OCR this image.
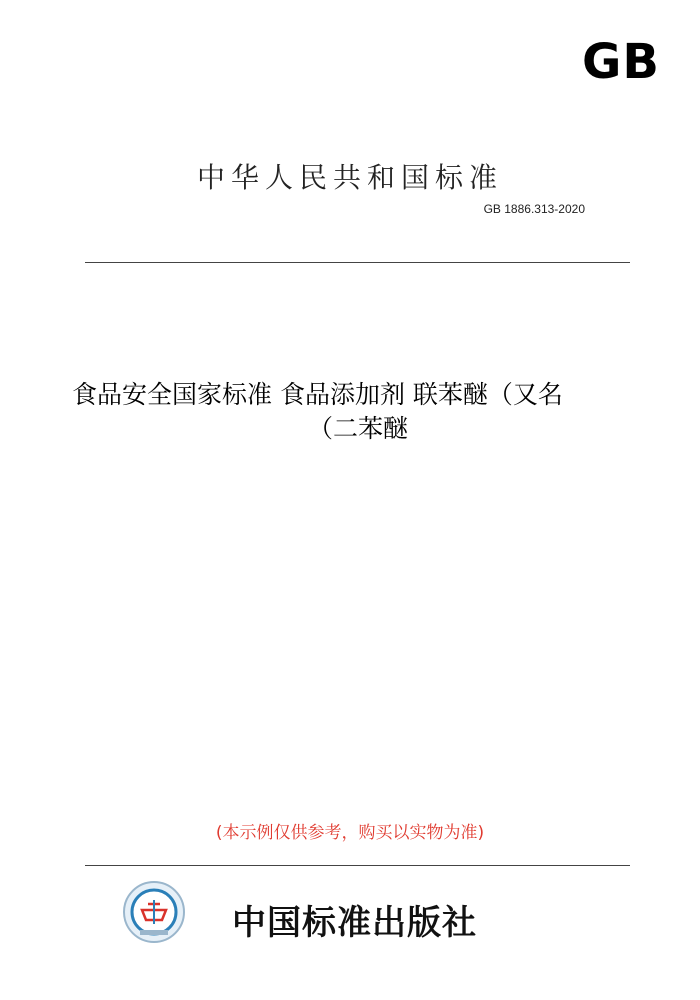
GB
中华人民共和国标准
GB 1886.313-2020
食品安全国家标准 食品添加剂 联苯醚（又名
（二苯醚
(本示例仅供参考，购买以实物为准)
中国标准出版社
